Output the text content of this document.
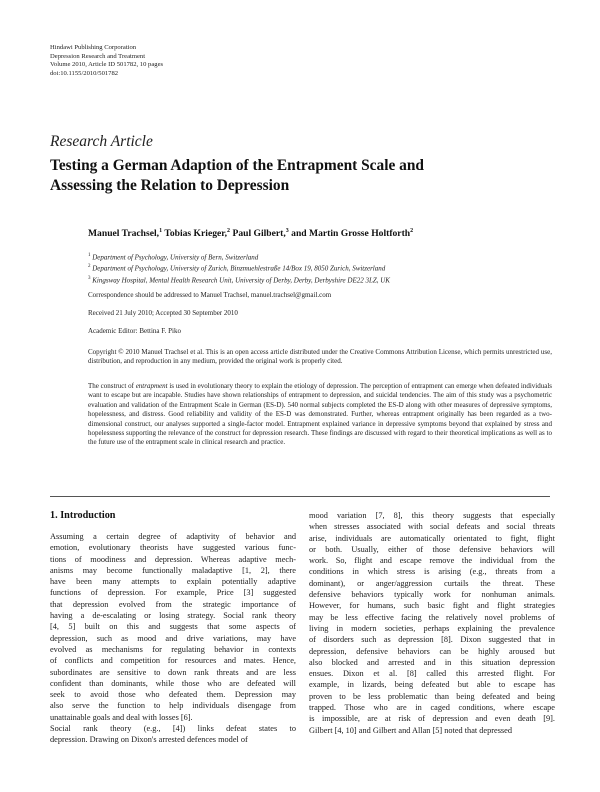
Hindawi Publishing Corporation
Depression Research and Treatment
Volume 2010, Article ID 501782, 10 pages
doi:10.1155/2010/501782
Research Article
Testing a German Adaption of the Entrapment Scale and
Assessing the Relation to Depression
Manuel Trachsel,$^1$ Tobias Krieger,$^2$ Paul Gilbert,$^3$ and Martin Grosse Holtforth$^2$
$^1$ Department of Psychology, University of Bern, Switzerland
$^2$ Department of Psychology, University of Zurich, Binzmuehlestraße 14/Box 19, 8050 Zurich, Switzerland
$^3$ Kingsway Hospital, Mental Health Research Unit, University of Derby, Derby, Derbyshire DE22 3LZ, UK
Correspondence should be addressed to Manuel Trachsel, manuel.trachsel@gmail.com
Received 21 July 2010; Accepted 30 September 2010
Academic Editor: Bettina F. Piko
Copyright © 2010 Manuel Trachsel et al. This is an open access article distributed under the Creative Commons Attribution License, which permits unrestricted use, distribution, and reproduction in any medium, provided the original work is properly cited.
The construct of entrapment is used in evolutionary theory to explain the etiology of depression. The perception of entrapment can emerge when defeated individuals want to escape but are incapable. Studies have shown relationships of entrapment to depression, and suicidal tendencies. The aim of this study was a psychometric evaluation and validation of the Entrapment Scale in German (ES-D). 540 normal subjects completed the ES-D along with other measures of depressive symptoms, hopelessness, and distress. Good reliability and validity of the ES-D was demonstrated. Further, whereas entrapment originally has been regarded as a two-dimensional construct, our analyses supported a single-factor model. Entrapment explained variance in depressive symptoms beyond that explained by stress and hopelessness supporting the relevance of the construct for depression research. These findings are discussed with regard to their theoretical implications as well as to the future use of the entrapment scale in clinical research and practice.
1. Introduction
Assuming a certain degree of adaptivity of behavior and
emotion, evolutionary theorists have suggested various func-
tions of moodiness and depression. Whereas adaptive mech-
anisms may become functionally maladaptive [1, 2], there
have been many attempts to explain potentially adaptive
functions of depression. For example, Price [3] suggested
that depression evolved from the strategic importance of
having a de-escalating or losing strategy. Social rank theory
[4, 5] built on this and suggests that some aspects of
depression, such as mood and drive variations, may have
evolved as mechanisms for regulating behavior in contexts
of conflicts and competition for resources and mates. Hence,
subordinates are sensitive to down rank threats and are less
confident than dominants, while those who are defeated will
seek to avoid those who defeated them. Depression may
also serve the function to help individuals disengage from
unattainable goals and deal with losses [6].
Social rank theory (e.g., [4]) links defeat states to
depression. Drawing on Dixon's arrested defences model of
mood variation [7, 8], this theory suggests that especially
when stresses associated with social defeats and social threats
arise, individuals are automatically orientated to fight, flight
or both. Usually, either of those defensive behaviors will
work. So, flight and escape remove the individual from the
conditions in which stress is arising (e.g., threats from a
dominant), or anger/aggression curtails the threat. These
defensive behaviors typically work for nonhuman animals.
However, for humans, such basic fight and flight strategies
may be less effective facing the relatively novel problems of
living in modern societies, perhaps explaining the prevalence
of disorders such as depression [8]. Dixon suggested that in
depression, defensive behaviors can be highly aroused but
also blocked and arrested and in this situation depression
ensues. Dixon et al. [8] called this arrested flight. For
example, in lizards, being defeated but able to escape has
proven to be less problematic than being defeated and being
trapped. Those who are in caged conditions, where escape
is impossible, are at risk of depression and even death [9].
Gilbert [4, 10] and Gilbert and Allan [5] noted that depressed
